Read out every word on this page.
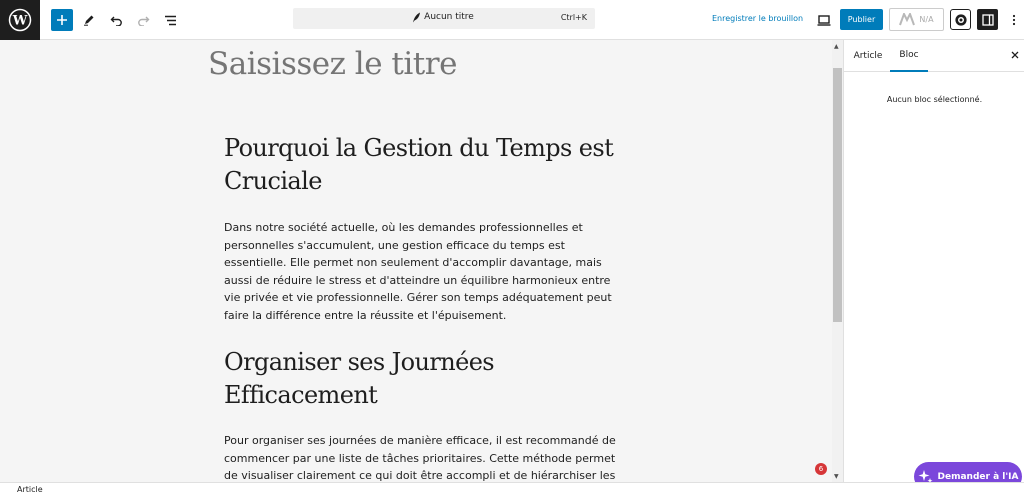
W	Aucun titre	Ctrl+K	Enregistrer le brouillon	Publier	N/A
Saisissez le titre
Pourquoi la Gestion du Temps est Cruciale
Dans notre société actuelle, où les demandes professionnelles et personnelles s'accumulent, une gestion efficace du temps est essentielle. Elle permet non seulement d'accomplir davantage, mais aussi de réduire le stress et d'atteindre un équilibre harmonieux entre vie privée et vie professionnelle. Gérer son temps adéquatement peut faire la différence entre la réussite et l'épuisement.
Organiser ses Journées Efficacement
Pour organiser ses journées de manière efficace, il est recommandé de commencer par une liste de tâches prioritaires. Cette méthode permet de visualiser clairement ce qui doit être accompli et de hiérarchiser les	6
▲
▼
Article	Bloc
Aucun bloc sélectionné.
Demander à l'IA
Article
